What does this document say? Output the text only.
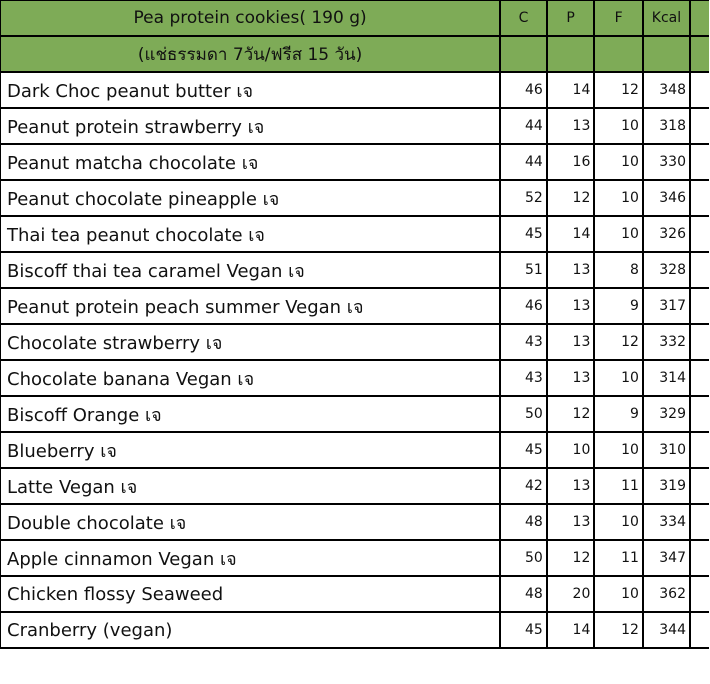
Pea protein cookies( 190 g)	C	P	F	Kcal	
(แช่ธรรมดา 7วัน/ฟรีส 15 วัน)					
Dark Choc peanut butter เจ	46	14	12	348	
Peanut protein strawberry เจ	44	13	10	318	
Peanut matcha chocolate เจ	44	16	10	330	
Peanut chocolate pineapple เจ	52	12	10	346	
Thai tea peanut chocolate เจ	45	14	10	326	
Biscoff thai tea caramel Vegan เจ	51	13	8	328	
Peanut protein peach summer Vegan เจ	46	13	9	317	
Chocolate strawberry เจ	43	13	12	332	
Chocolate banana Vegan เจ	43	13	10	314	
Biscoff Orange เจ	50	12	9	329	
Blueberry เจ	45	10	10	310	
Latte Vegan เจ	42	13	11	319	
Double chocolate เจ	48	13	10	334	
Apple cinnamon Vegan เจ	50	12	11	347	
Chicken flossy Seaweed	48	20	10	362	
Cranberry (vegan)	45	14	12	344	
